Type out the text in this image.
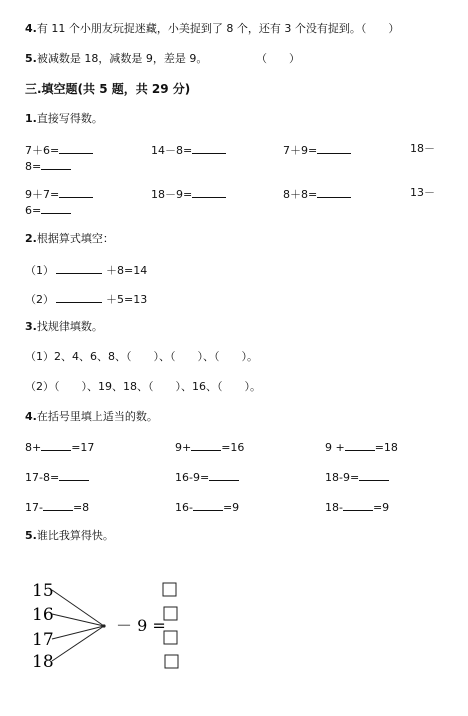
4.有 11 个小朋友玩捉迷藏，小美捉到了 8 个，还有 3 个没有捉到。（　　）
5.被减数是 18，减数是 9，差是 9。	（　　）
三.填空题(共 5 题，共 29 分)
1.直接写得数。
7＋6=	14－8=	7＋9=	18－
8=
9＋7=	18－9=	8＋8=	13－
6=
2.根据算式填空：
（1）	＋8=14
（2）	＋5=13
3.找规律填数。
（1）2、4、6、8、（　　）、（　　）、（　　）。
（2）（　　）、19、18、（　　）、16、（　　）。
4.在括号里填上适当的数。
8+	=17	9+	=16	9 +	=18
17-8=	16-9=	18-9=
17-	=8	16-	=9	18-	=9
5.谁比我算得快。
15
16
17
18
－ 9 =
